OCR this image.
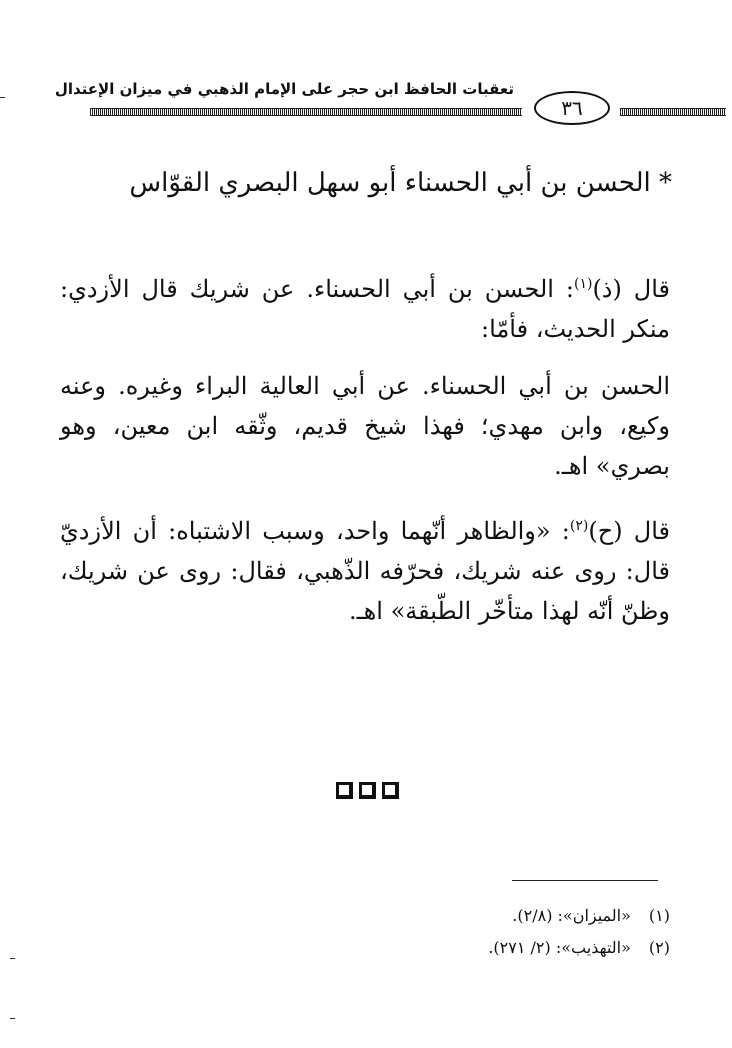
تعقبات الحافظ ابن حجر على الإمام الذهبي في ميزان الإعتدال
٣٦
* الحسن بن أبي الحسناء أبو سهل البصري القوّاس
قال (ذ)$^{(١)}$: الحسن بن أبي الحسناء. عن شريك قال الأزدي: منكر الحديث، فأمّا:
الحسن بن أبي الحسناء. عن أبي العالية البراء وغيره. وعنه وكيع، وابن مهدي؛ فهذا شيخ قديم، وثّقه ابن معين، وهو بصري» اهـ.
قال (ح)$^{(٢)}$: «والظاهر أنّهما واحد، وسبب الاشتباه: أن الأزديّ قال: روى عنه شريك، فحرّفه الذّهبي، فقال: روى عن شريك، وظنّ أنّه لهذا متأخّر الطّبقة» اهـ.
(١) «الميزان»: (٢/٨).
(٢) «التهذيب»: (٢/ ٢٧١).
